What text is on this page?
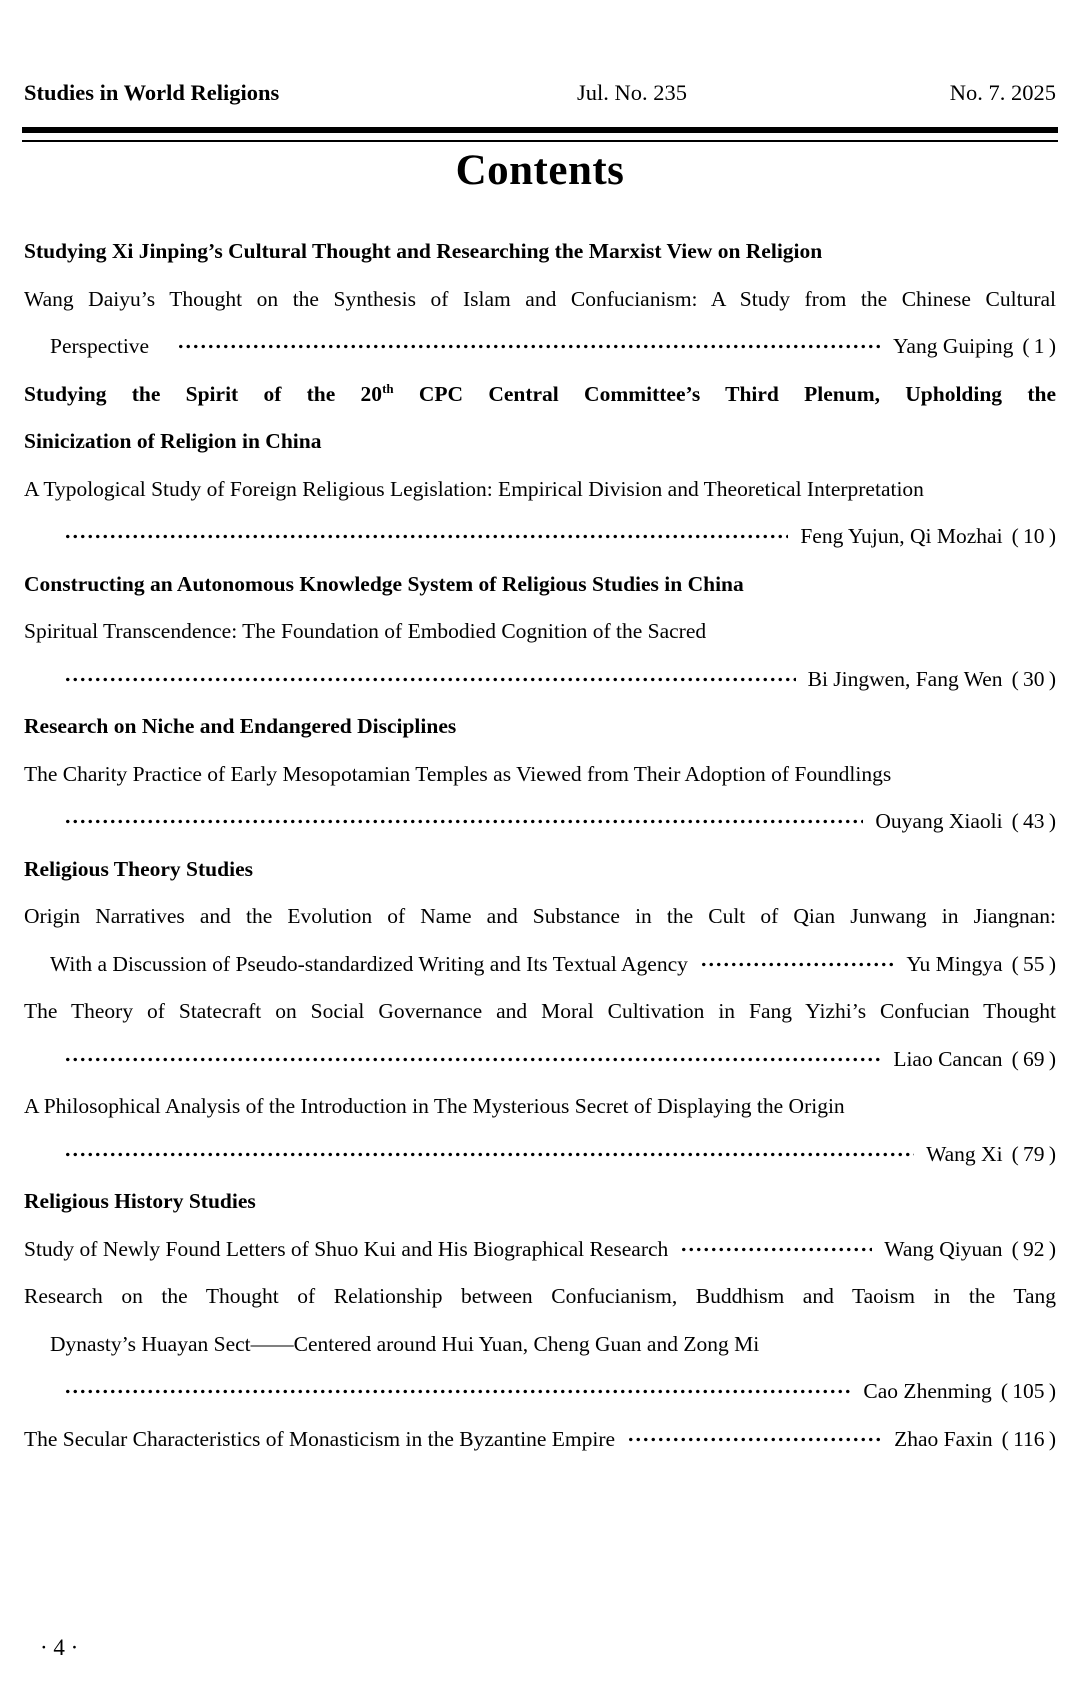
Studies in World Religions	Jul. No. 235	No. 7. 2025
Contents
Studying Xi Jinping’s Cultural Thought and Researching the Marxist View on Religion
Wang Daiyu’s Thought on the Synthesis of Islam and Confucianism: A Study from the Chinese Cultural
Perspective	Yang Guiping ( 1 )
Studying the Spirit of the 20th CPC Central Committee’s Third Plenum, Upholding the
Sinicization of Religion in China
A Typological Study of Foreign Religious Legislation: Empirical Division and Theoretical Interpretation
Feng Yujun, Qi Mozhai ( 10 )
Constructing an Autonomous Knowledge System of Religious Studies in China
Spiritual Transcendence: The Foundation of Embodied Cognition of the Sacred
Bi Jingwen, Fang Wen ( 30 )
Research on Niche and Endangered Disciplines
The Charity Practice of Early Mesopotamian Temples as Viewed from Their Adoption of Foundlings
Ouyang Xiaoli ( 43 )
Religious Theory Studies
Origin Narratives and the Evolution of Name and Substance in the Cult of Qian Junwang in Jiangnan:
With a Discussion of Pseudo-standardized Writing and Its Textual Agency	Yu Mingya ( 55 )
The Theory of Statecraft on Social Governance and Moral Cultivation in Fang Yizhi’s Confucian Thought
Liao Cancan ( 69 )
A Philosophical Analysis of the Introduction in The Mysterious Secret of Displaying the Origin
Wang Xi ( 79 )
Religious History Studies
Study of Newly Found Letters of Shuo Kui and His Biographical Research	Wang Qiyuan ( 92 )
Research on the Thought of Relationship between Confucianism, Buddhism and Taoism in the Tang
Dynasty’s Huayan Sect——Centered around Hui Yuan, Cheng Guan and Zong Mi
Cao Zhenming ( 105 )
The Secular Characteristics of Monasticism in the Byzantine Empire	Zhao Faxin ( 116 )
· 4 ·
